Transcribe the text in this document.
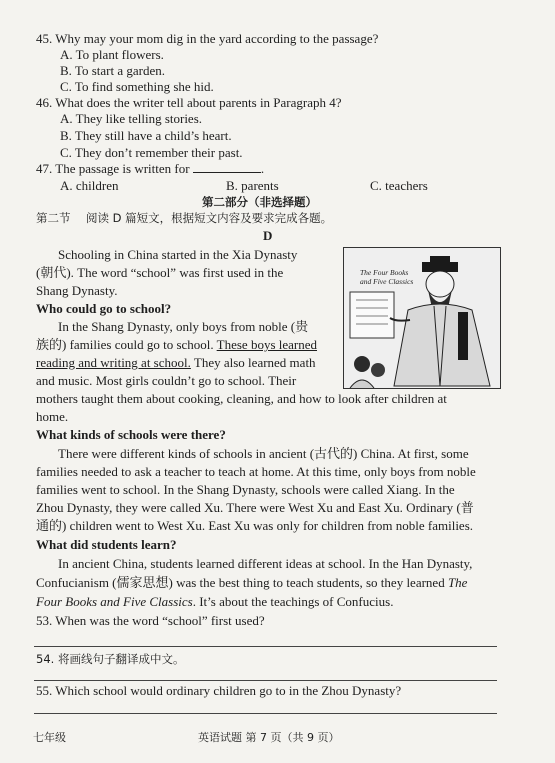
45. Why may your mom dig in the yard according to the passage?
A. To plant flowers.
B. To start a garden.
C. To find something she hid.
46. What does the writer tell about parents in Paragraph 4?
A. They like telling stories.
B. They still have a child’s heart.
C. They don’t remember their past.
47. The passage is written for	.
A. children	B. parents	C. teachers
第二部分（非选择题）
第二节 阅读 D 篇短文，根据短文内容及要求完成各题。
D
Schooling in China started in the Xia Dynasty
(朝代). The word “school” was first used in the
Shang Dynasty.
Who could go to school?
In the Shang Dynasty, only boys from noble (贵
族的) families could go to school. These boys learned
reading and writing at school. They also learned math
and music. Most girls couldn’t go to school. Their
mothers taught them about cooking, cleaning, and how to look after children at
home.
What kinds of schools were there?
There were different kinds of schools in ancient (古代的) China. At first, some
families needed to ask a teacher to teach at home. At this time, only boys from noble
families went to school. In the Shang Dynasty, schools were called Xiang. In the
Zhou Dynasty, they were called Xu. There were West Xu and East Xu. Ordinary (普
通的) children went to West Xu. East Xu was only for children from noble families.
What did students learn?
In ancient China, students learned different ideas at school. In the Han Dynasty,
Confucianism (儒家思想) was the best thing to teach students, so they learned The
Four Books and Five Classics. It’s about the teachings of Confucius.
The Four Books
and Five Classics
53. When was the word “school” first used?
54. 将画线句子翻译成中文。
55. Which school would ordinary children go to in the Zhou Dynasty?
七年级	英语试题 第 7 页（共 9 页）
